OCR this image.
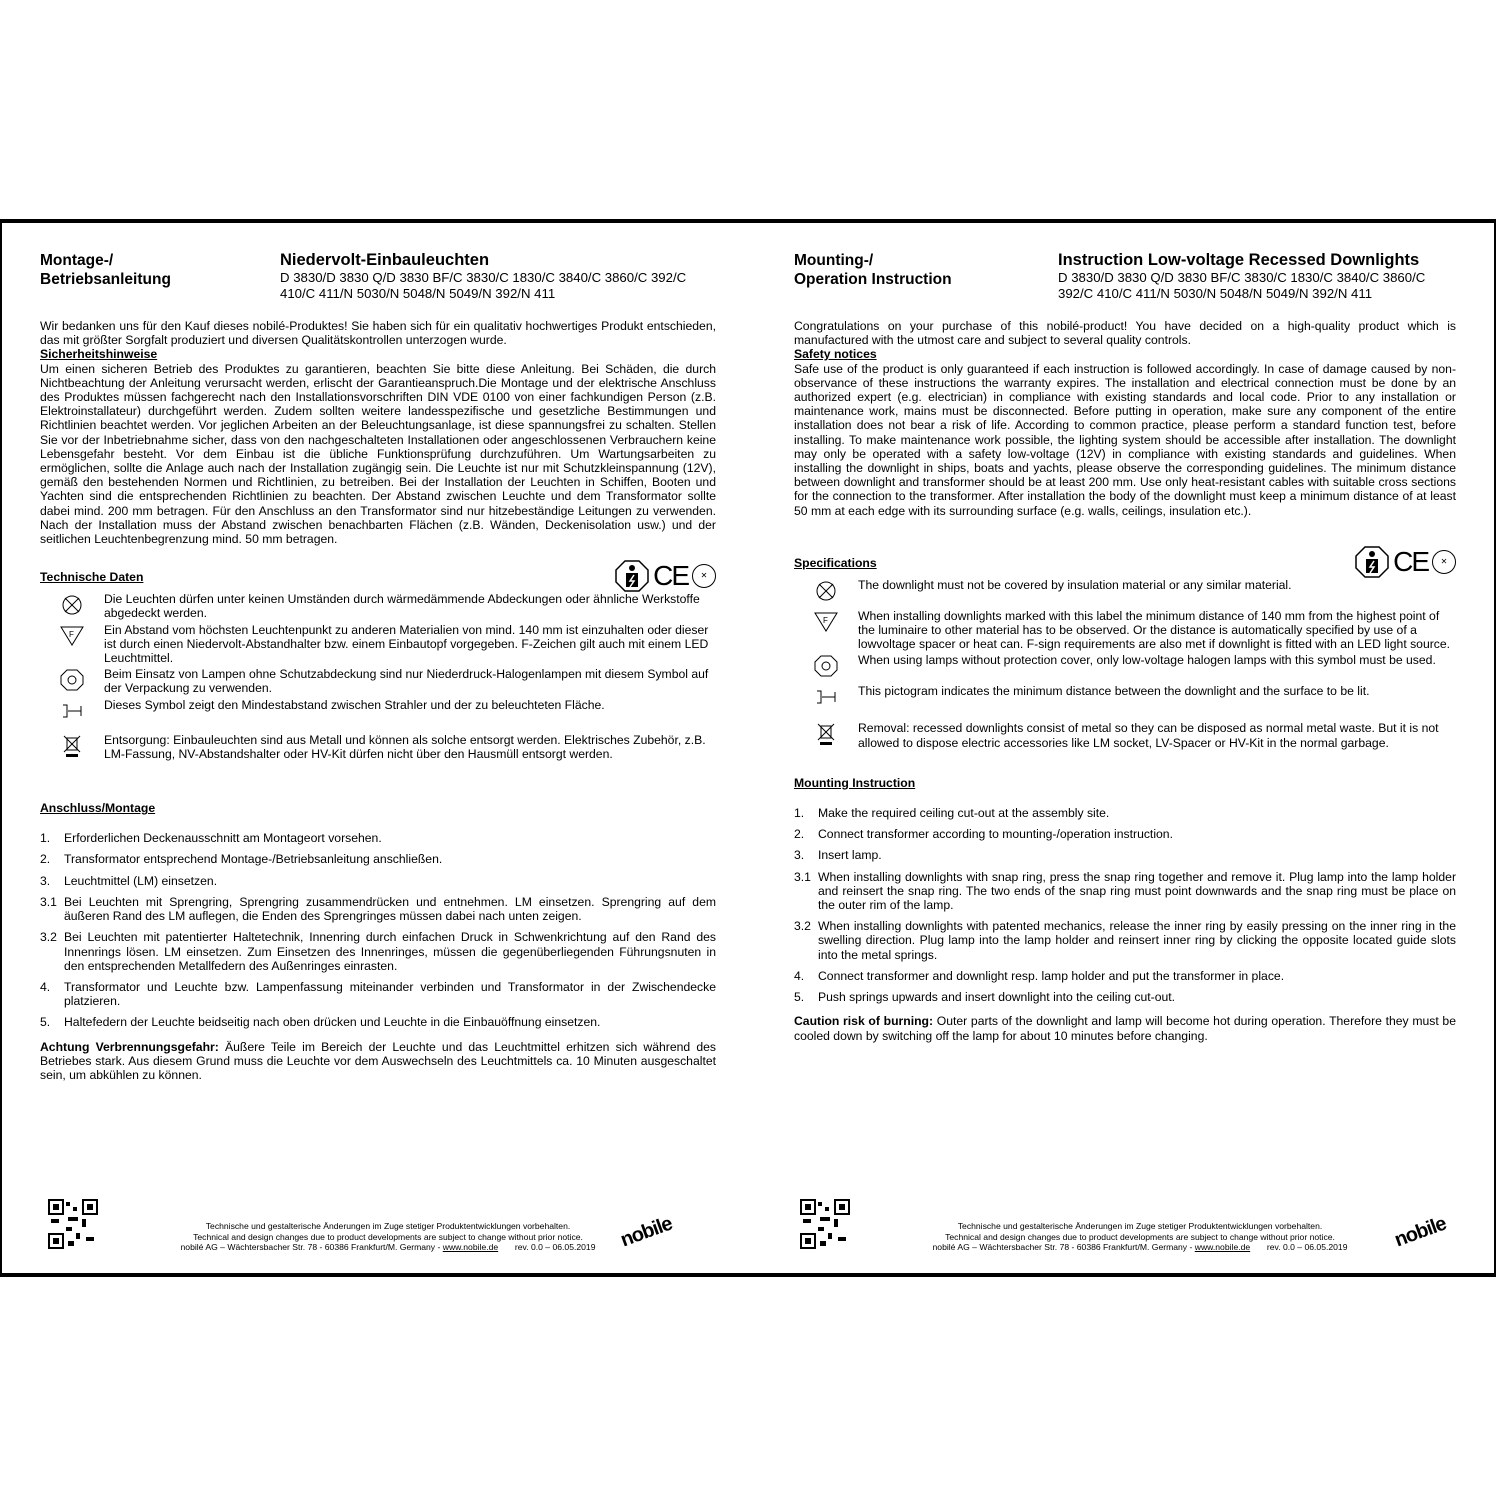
Montage-/
Betriebsanleitung
Niedervolt-Einbauleuchten
D 3830/D 3830 Q/D 3830 BF/C 3830/C 1830/C 3840/C 3860/C 392/C 410/C 411/N 5030/N 5048/N 5049/N 392/N 411

Wir bedanken uns für den Kauf dieses nobilé-Produktes! Sie haben sich für ein qualitativ hochwertiges Produkt entschieden, das mit größter Sorgfalt produziert und diversen Qualitätskontrollen unterzogen wurde.

Sicherheitshinweise

Um einen sicheren Betrieb des Produktes zu garantieren, beachten Sie bitte diese Anleitung. Bei Schäden, die durch Nichtbeachtung der Anleitung verursacht werden, erlischt der Garantieanspruch.Die Montage und der elektrische Anschluss des Produktes müssen fachgerecht nach den Installationsvorschriften DIN VDE 0100 von einer fachkundigen Person (z.B. Elektroinstallateur) durchgeführt werden. Zudem sollten weitere landesspezifische und gesetzliche Bestimmungen und Richtlinien beachtet werden. Vor jeglichen Arbeiten an der Beleuchtungsanlage, ist diese spannungsfrei zu schalten. Stellen Sie vor der Inbetriebnahme sicher, dass von den nachgeschalteten Installationen oder angeschlossenen Verbrauchern keine Lebensgefahr besteht. Vor dem Einbau ist die übliche Funktionsprüfung durchzuführen. Um Wartungsarbeiten zu ermöglichen, sollte die Anlage auch nach der Installation zugängig sein. Die Leuchte ist nur mit Schutzkleinspannung (12V), gemäß den bestehenden Normen und Richtlinien, zu betreiben. Bei der Installation der Leuchten in Schiffen, Booten und Yachten sind die entsprechenden Richtlinien zu beachten. Der Abstand zwischen Leuchte und dem Transformator sollte dabei mind. 200 mm betragen. Für den Anschluss an den Transformator sind nur hitzebeständige Leitungen zu verwenden. Nach der Installation muss der Abstand zwischen benachbarten Flächen (z.B. Wänden, Deckenisolation usw.) und der seitlichen Leuchtenbegrenzung mind. 50 mm betragen.

Technische Daten	CE	✕
Die Leuchten dürfen unter keinen Umständen durch wärmedämmende Abdeckungen oder ähnliche Werkstoffe abgedeckt werden.
F Ein Abstand vom höchsten Leuchtenpunkt zu anderen Materialien von mind. 140 mm ist einzuhalten oder dieser ist durch einen Niedervolt-Abstandhalter bzw. einem Einbautopf vorgegeben. F-Zeichen gilt auch mit einem LED Leuchtmittel.
Beim Einsatz von Lampen ohne Schutzabdeckung sind nur Niederdruck-Halogenlampen mit diesem Symbol auf der Verpackung zu verwenden.
Dieses Symbol zeigt den Mindestabstand zwischen Strahler und der zu beleuchteten Fläche.
Entsorgung: Einbauleuchten sind aus Metall und können als solche entsorgt werden. Elektrisches Zubehör, z.B. LM-Fassung, NV-Abstandshalter oder HV-Kit dürfen nicht über den Hausmüll entsorgt werden.

Anschluss/Montage

1.	Erforderlichen Deckenausschnitt am Montageort vorsehen.
2.	Transformator entsprechend Montage-/Betriebsanleitung anschließen.
3.	Leuchtmittel (LM) einsetzen.
3.1 Bei Leuchten mit Sprengring, Sprengring zusammendrücken und entnehmen. LM einsetzen. Sprengring auf dem äußeren Rand des LM auflegen, die Enden des Sprengringes müssen dabei nach unten zeigen.
3.2 Bei Leuchten mit patentierter Haltetechnik, Innenring durch einfachen Druck in Schwenkrichtung auf den Rand des Innenrings lösen. LM einsetzen. Zum Einsetzen des Innenringes, müssen die gegenüberliegenden Führungsnuten in den entsprechenden Metallfedern des Außenringes einrasten.
4.	Transformator und Leuchte bzw. Lampenfassung miteinander verbinden und Transformator in der Zwischendecke platzieren.
5.	Haltefedern der Leuchte beidseitig nach oben drücken und Leuchte in die Einbauöffnung einsetzen.

Achtung Verbrennungsgefahr: Äußere Teile im Bereich der Leuchte und das Leuchtmittel erhitzen sich während des Betriebes stark. Aus diesem Grund muss die Leuchte vor dem Auswechseln des Leuchtmittels ca. 10 Minuten ausgeschaltet sein, um abkühlen zu können.

Mounting-/
Operation Instruction
Instruction Low-voltage Recessed Downlights
D 3830/D 3830 Q/D 3830 BF/C 3830/C 1830/C 3840/C 3860/C 392/C 410/C 411/N 5030/N 5048/N 5049/N 392/N 411

Congratulations on your purchase of this nobilé-product! You have decided on a high-quality product which is manufactured with the utmost care and subject to several quality controls.

Safety notices

Safe use of the product is only guaranteed if each instruction is followed accordingly. In case of damage caused by non-observance of these instructions the warranty expires. The installation and electrical connection must be done by an authorized expert (e.g. electrician) in compliance with existing standards and local code. Prior to any installation or maintenance work, mains must be disconnected. Before putting in operation, make sure any component of the entire installation does not bear a risk of life. According to common practice, please perform a standard function test, before installing. To make maintenance work possible, the lighting system should be accessible after installation. The downlight may only be operated with a safety low-voltage (12V) in compliance with existing standards and guidelines. When installing the downlight in ships, boats and yachts, please observe the corresponding guidelines. The minimum distance between downlight and transformer should be at least 200 mm. Use only heat-resistant cables with suitable cross sections for the connection to the transformer. After installation the body of the downlight must keep a minimum distance of at least 50 mm at each edge with its surrounding surface (e.g. walls, ceilings, insulation etc.).

Specifications	CE	✕
The downlight must not be covered by insulation material or any similar material.
F When installing downlights marked with this label the minimum distance of 140 mm from the highest point of the luminaire to other material has to be observed. Or the distance is automatically specified by use of a lowvoltage spacer or heat can. F-sign requirements are also met if downlight is fitted with an LED light source.
When using lamps without protection cover, only low-voltage halogen lamps with this symbol must be used.
This pictogram indicates the minimum distance between the downlight and the surface to be lit.
Removal: recessed downlights consist of metal so they can be disposed as normal metal waste. But it is not allowed to dispose electric accessories like LM socket, LV-Spacer or HV-Kit in the normal garbage.

Mounting Instruction

1.	Make the required ceiling cut-out at the assembly site.
2.	Connect transformer according to mounting-/operation instruction.
3.	Insert lamp.
3.1 When installing downlights with snap ring, press the snap ring together and remove it. Plug lamp into the lamp holder and reinsert the snap ring. The two ends of the snap ring must point downwards and the snap ring must be place on the outer rim of the lamp.
3.2 When installing downlights with patented mechanics, release the inner ring by easily pressing on the inner ring in the swelling direction. Plug lamp into the lamp holder and reinsert inner ring by clicking the opposite located guide slots into the metal springs.
4.	Connect transformer and downlight resp. lamp holder and put the transformer in place.
5.	Push springs upwards and insert downlight into the ceiling cut-out.

Caution risk of burning: Outer parts of the downlight and lamp will become hot during operation. Therefore they must be cooled down by switching off the lamp for about 10 minutes before changing.

Technische und gestalterische Änderungen im Zuge stetiger Produktentwicklungen vorbehalten.
Technical and design changes due to product developments are subject to change without prior notice.
nobilé AG – Wächtersbacher Str. 78 - 60386 Frankfurt/M. Germany - www.nobile.de rev. 0.0 – 06.05.2019	nobile	Technische und gestalterische Änderungen im Zuge stetiger Produktentwicklungen vorbehalten.
Technical and design changes due to product developments are subject to change without prior notice.
nobilé AG – Wächtersbacher Str. 78 - 60386 Frankfurt/M. Germany - www.nobile.de rev. 0.0 – 06.05.2019	nobile
